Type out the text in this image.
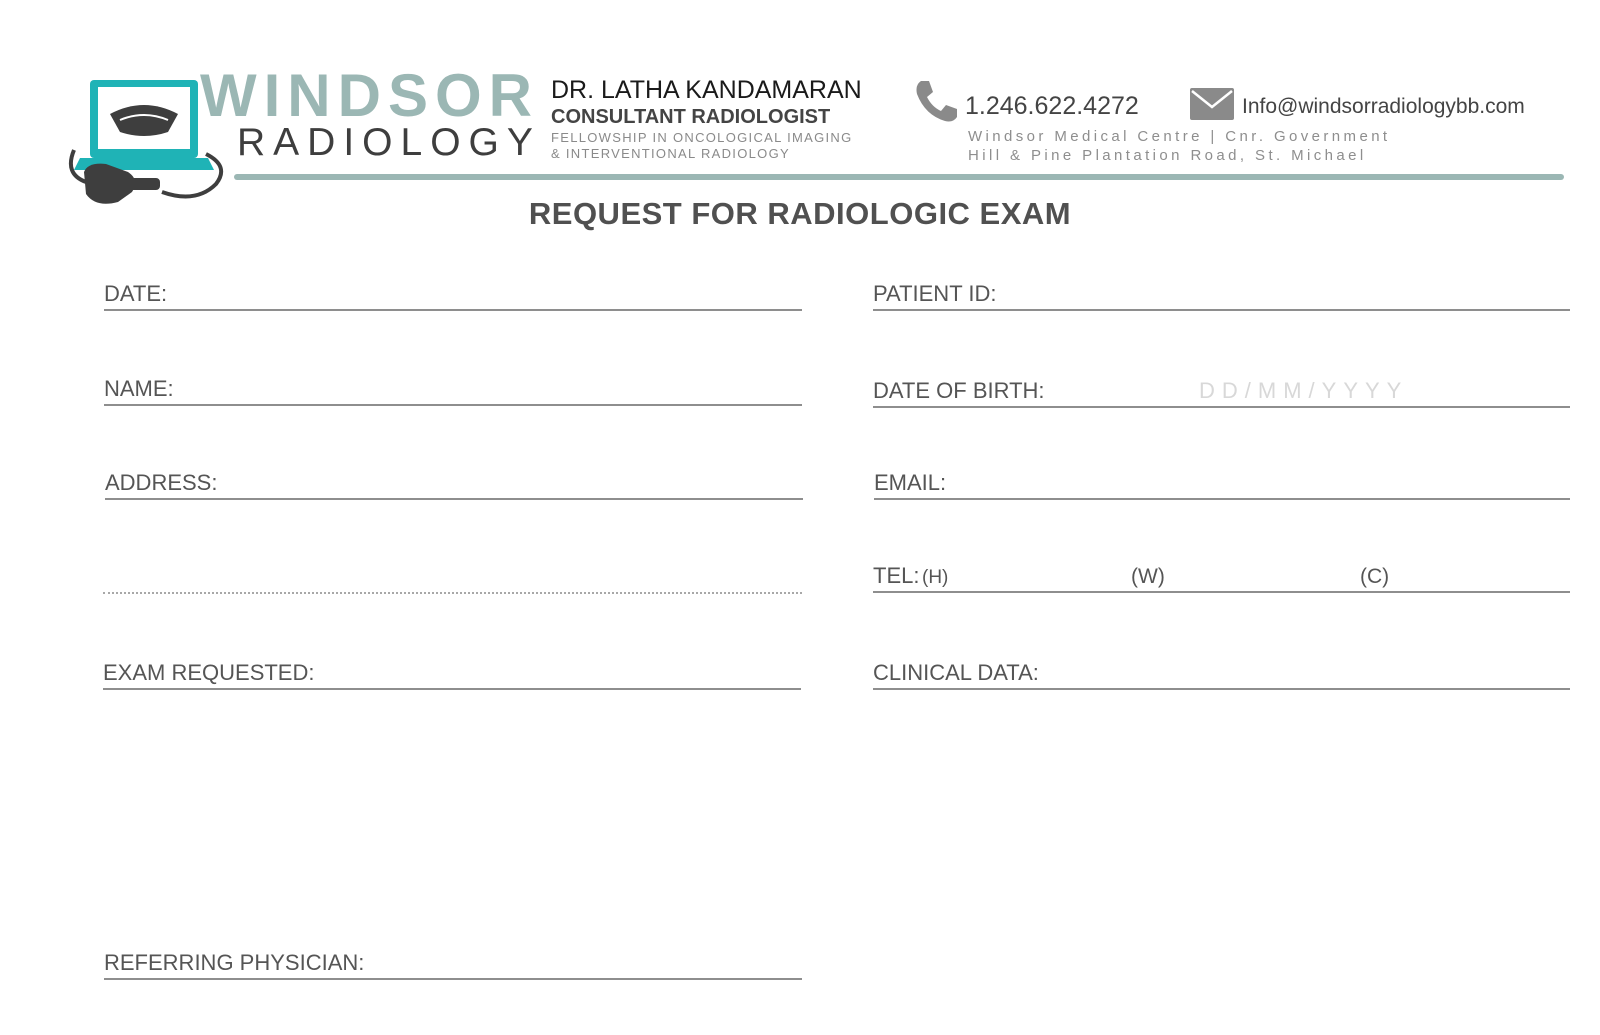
WINDSOR
RADIOLOGY
DR. LATHA KANDAMARAN
CONSULTANT RADIOLOGIST
FELLOWSHIP IN ONCOLOGICAL IMAGING
& INTERVENTIONAL RADIOLOGY
1.246.622.4272	Info@windsorradiologybb.com
Windsor Medical Centre | Cnr. Government
Hill & Pine Plantation Road, St. Michael
REQUEST FOR RADIOLOGIC EXAM
DATE:
NAME:
ADDRESS:
EXAM REQUESTED:
REFERRING PHYSICIAN:
PATIENT ID:
DATE OF BIRTH:	DD/MM/YYYY
EMAIL:
TEL: (H)	(W)	(C)
CLINICAL DATA:
